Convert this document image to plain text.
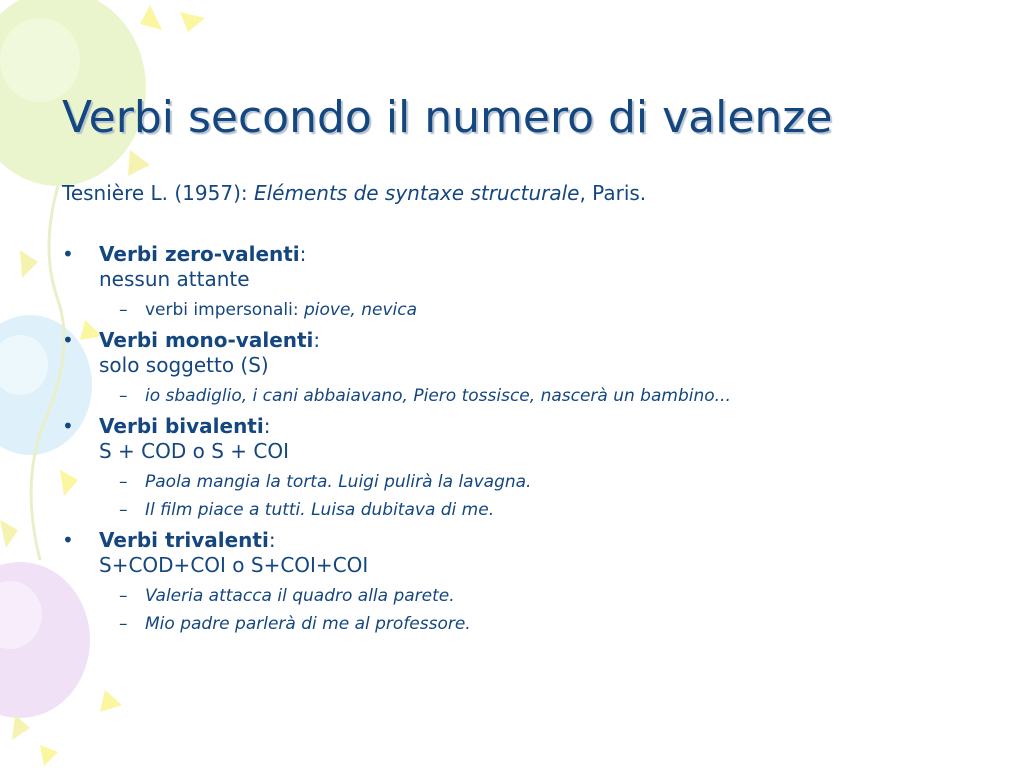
Verbi secondo il numero di valenze
Tesnière L. (1957): Eléments de syntaxe structurale, Paris.
• Verbi zero-valenti:
nessun attante
– verbi impersonali: piove, nevica
• Verbi mono-valenti:
solo soggetto (S)
– io sbadiglio, i cani abbaiavano, Piero tossisce, nascerà un bambino...
• Verbi bivalenti:
S + COD o S + COI
– Paola mangia la torta. Luigi pulirà la lavagna.
– Il film piace a tutti. Luisa dubitava di me.
• Verbi trivalenti:
S+COD+COI o S+COI+COI
– Valeria attacca il quadro alla parete.
– Mio padre parlerà di me al professore.
